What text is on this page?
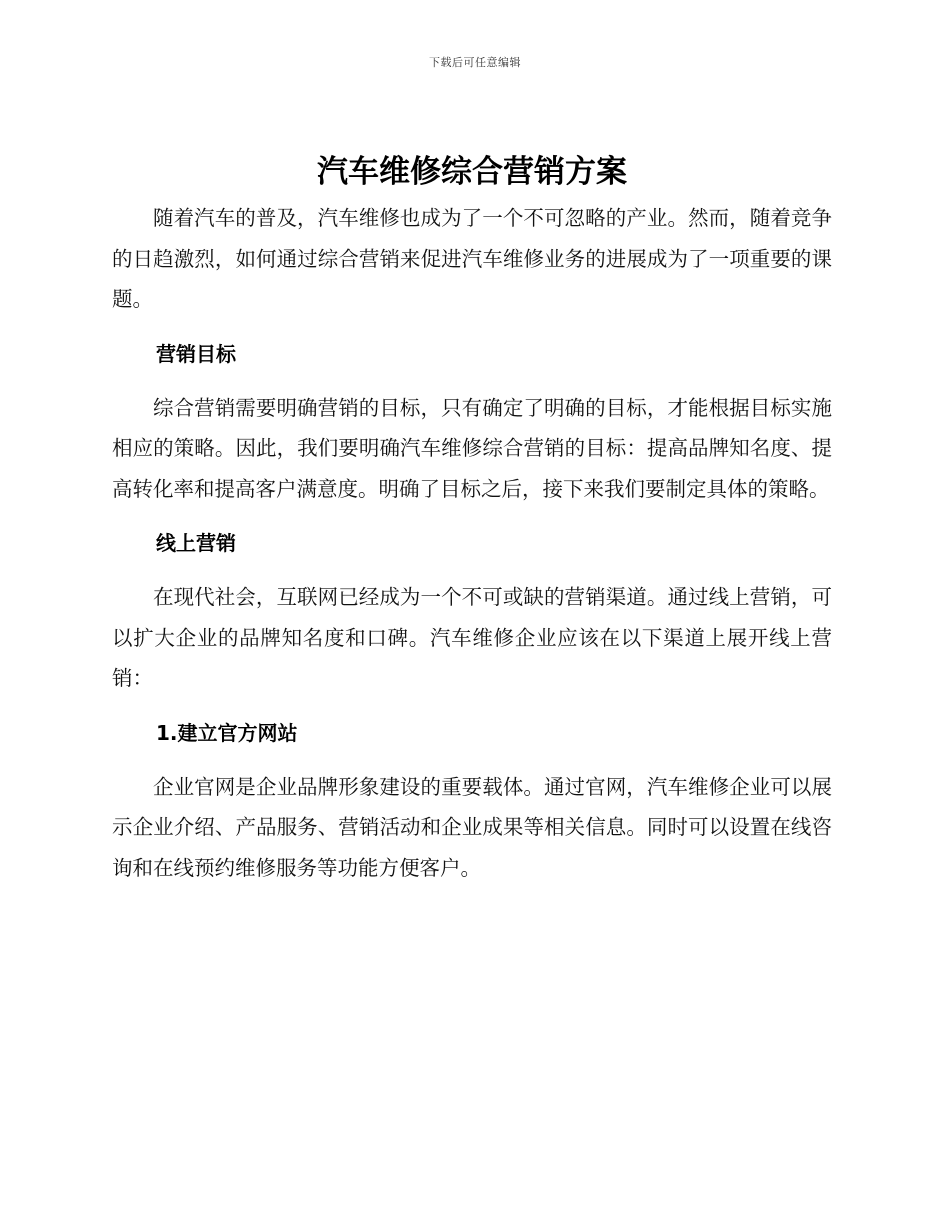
下载后可任意编辑
汽车维修综合营销方案

随着汽车的普及，汽车维修也成为了一个不可忽略的产业。然而，随着竞争的日趋激烈，如何通过综合营销来促进汽车维修业务的进展成为了一项重要的课题。

营销目标

综合营销需要明确营销的目标，只有确定了明确的目标，才能根据目标实施相应的策略。因此，我们要明确汽车维修综合营销的目标：提高品牌知名度、提高转化率和提高客户满意度。明确了目标之后，接下来我们要制定具体的策略。

线上营销

在现代社会，互联网已经成为一个不可或缺的营销渠道。通过线上营销，可以扩大企业的品牌知名度和口碑。汽车维修企业应该在以下渠道上展开线上营销：

1.建立官方网站

企业官网是企业品牌形象建设的重要载体。通过官网，汽车维修企业可以展示企业介绍、产品服务、营销活动和企业成果等相关信息。同时可以设置在线咨询和在线预约维修服务等功能方便客户。
